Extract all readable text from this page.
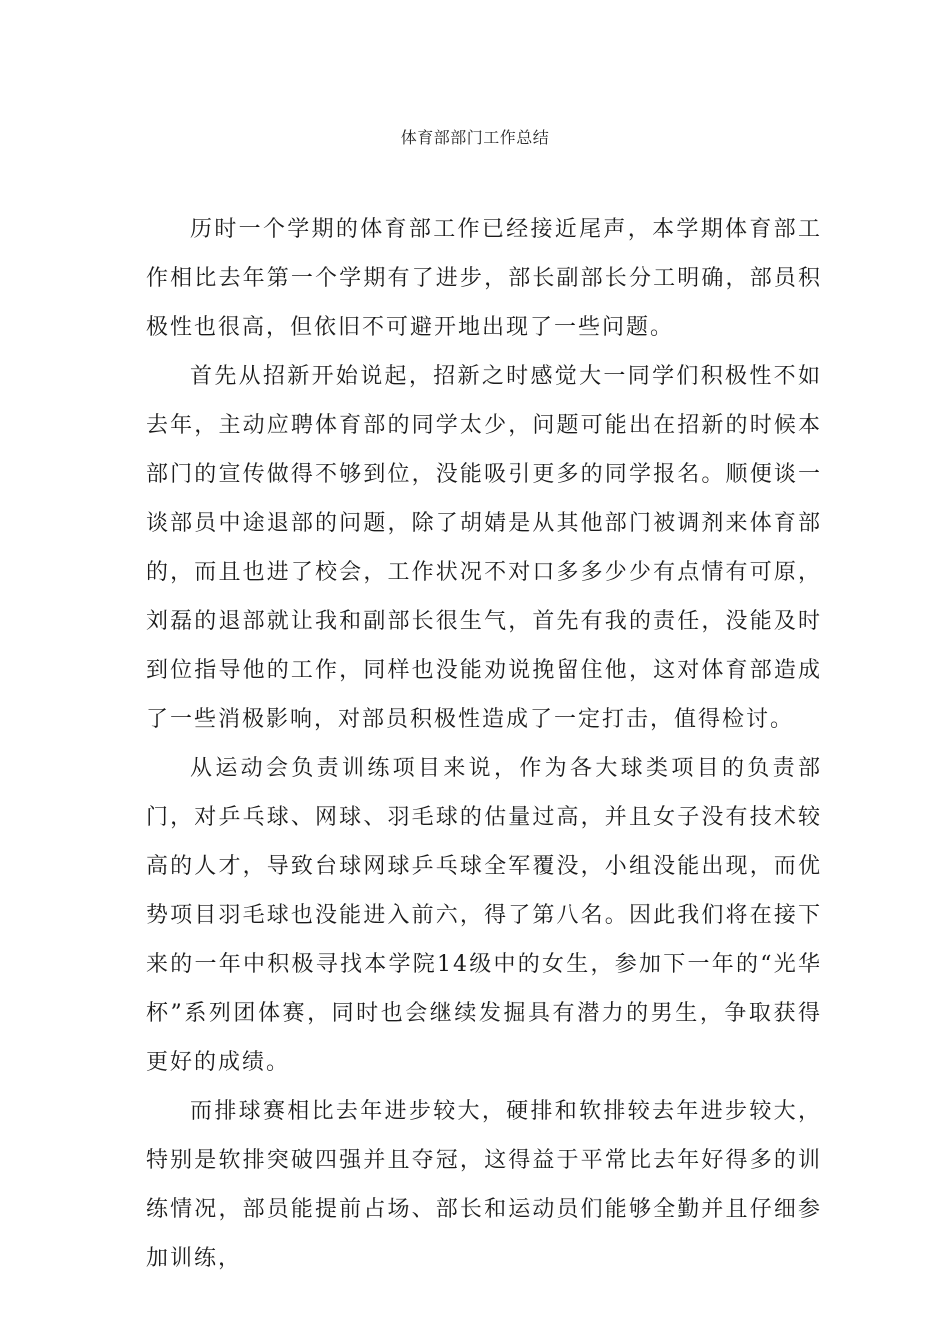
体育部部门工作总结

历时一个学期的体育部工作已经接近尾声，本学期体育部工作相比去年第一个学期有了进步，部长副部长分工明确，部员积极性也很高，但依旧不可避开地出现了一些问题。

首先从招新开始说起，招新之时感觉大一同学们积极性不如去年，主动应聘体育部的同学太少，问题可能出在招新的时候本部门的宣传做得不够到位，没能吸引更多的同学报名。顺便谈一谈部员中途退部的问题，除了胡婧是从其他部门被调剂来体育部的，而且也进了校会，工作状况不对口多多少少有点情有可原，刘磊的退部就让我和副部长很生气，首先有我的责任，没能及时到位指导他的工作，同样也没能劝说挽留住他，这对体育部造成了一些消极影响，对部员积极性造成了一定打击，值得检讨。

从运动会负责训练项目来说，作为各大球类项目的负责部门，对乒乓球、网球、羽毛球的估量过高，并且女子没有技术较高的人才，导致台球网球乒乓球全军覆没，小组没能出现，而优势项目羽毛球也没能进入前六，得了第八名。因此我们将在接下来的一年中积极寻找本学院14级中的女生，参加下一年的“光华杯”系列团体赛，同时也会继续发掘具有潜力的男生，争取获得更好的成绩。

而排球赛相比去年进步较大，硬排和软排较去年进步较大，特别是软排突破四强并且夺冠，这得益于平常比去年好得多的训练情况，部员能提前占场、部长和运动员们能够全勤并且仔细参加训练，
